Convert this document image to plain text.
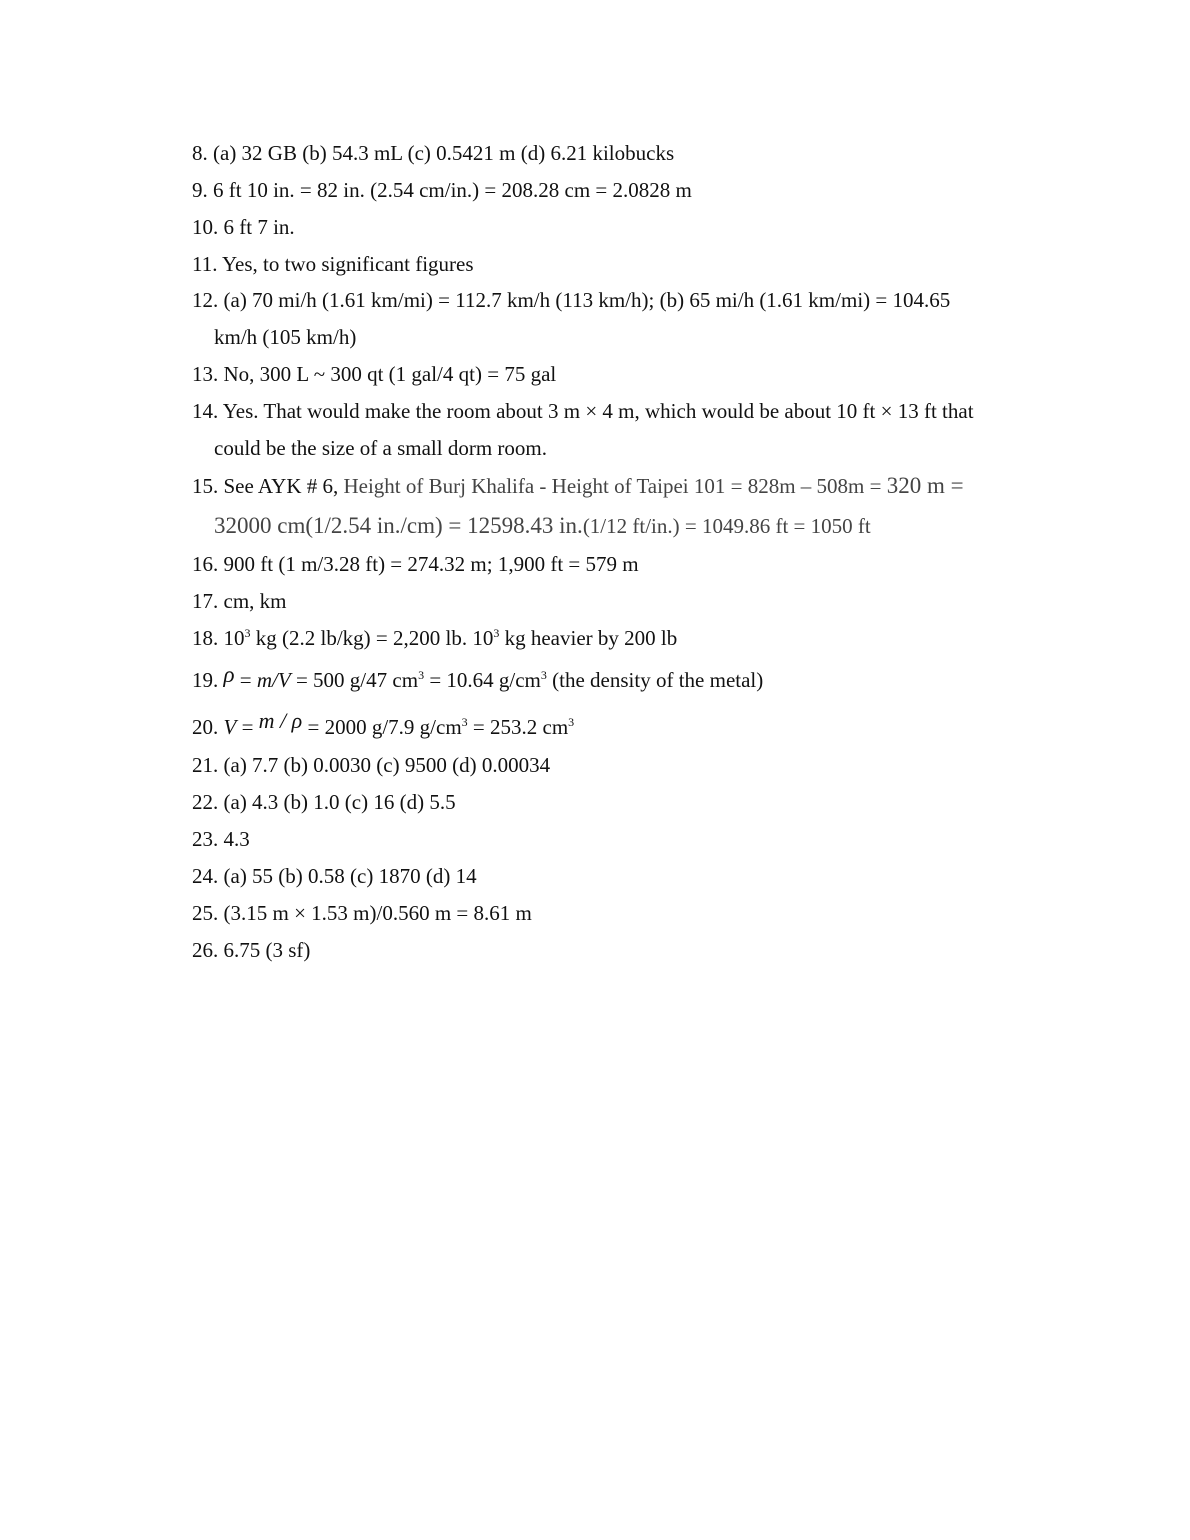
8. (a) 32 GB (b) 54.3 mL (c) 0.5421 m (d) 6.21 kilobucks
9. 6 ft 10 in. = 82 in. (2.54 cm/in.) = 208.28 cm = 2.0828 m
10. 6 ft 7 in.
11. Yes, to two significant figures
12. (a) 70 mi/h (1.61 km/mi) = 112.7 km/h (113 km/h); (b) 65 mi/h (1.61 km/mi) = 104.65
km/h (105 km/h)
13. No, 300 L ~ 300 qt (1 gal/4 qt) = 75 gal
14. Yes. That would make the room about 3 m × 4 m, which would be about 10 ft × 13 ft that
could be the size of a small dorm room.
15. See AYK # 6, Height of Burj Khalifa - Height of Taipei 101 = 828m – 508m = 320 m =
32000 cm(1/2.54 in./cm) = 12598.43 in.(1/12 ft/in.) = 1049.86 ft = 1050 ft
16. 900 ft (1 m/3.28 ft) = 274.32 m; 1,900 ft = 579 m
17. cm, km
18. $10^3$ kg (2.2 lb/kg) = 2,200 lb. $10^3$ kg heavier by 200 lb
19. ρ = m/V = 500 g/47 $cm^3 = 10.64$ $g/cm^3$ (the density of the metal)
20. V = m / ρ = 2000 g/7.9 $g/cm^3 = 253.2$ $cm^3$
21. (a) 7.7 (b) 0.0030 (c) 9500 (d) 0.00034
22. (a) 4.3 (b) 1.0 (c) 16 (d) 5.5
23. 4.3
24. (a) 55 (b) 0.58 (c) 1870 (d) 14
25. (3.15 m × 1.53 m)/0.560 m = 8.61 m
26. 6.75 (3 sf)
